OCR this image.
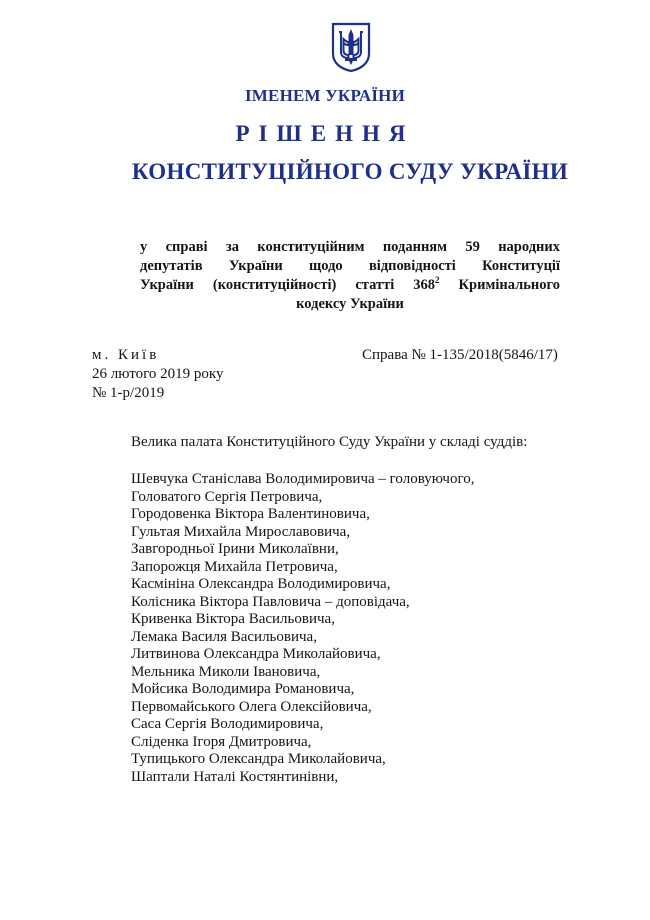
ІМЕНЕМ УКРАЇНИ
РІШЕННЯ
КОНСТИТУЦІЙНОГО СУДУ УКРАЇНИ
у справі за конституційним поданням 59 народних
депутатів України щодо відповідності Конституції
України (конституційності) статті $368^2$ Кримінального
кодексу України
м. Київ
26 лютого 2019 року
№ 1-р/2019
Справа № 1-135/2018(5846/17)
Велика палата Конституційного Суду України у складі суддів:
Шевчука Станіслава Володимировича – головуючого,
Головатого Сергія Петровича,
Городовенка Віктора Валентиновича,
Гультая Михайла Мирославовича,
Завгородньої Ірини Миколаївни,
Запорожця Михайла Петровича,
Касмініна Олександра Володимировича,
Колісника Віктора Павловича – доповідача,
Кривенка Віктора Васильовича,
Лемака Василя Васильовича,
Литвинова Олександра Миколайовича,
Мельника Миколи Івановича,
Мойсика Володимира Романовича,
Первомайського Олега Олексійовича,
Саса Сергія Володимировича,
Сліденка Ігоря Дмитровича,
Тупицького Олександра Миколайовича,
Шаптали Наталі Костянтинівни,
